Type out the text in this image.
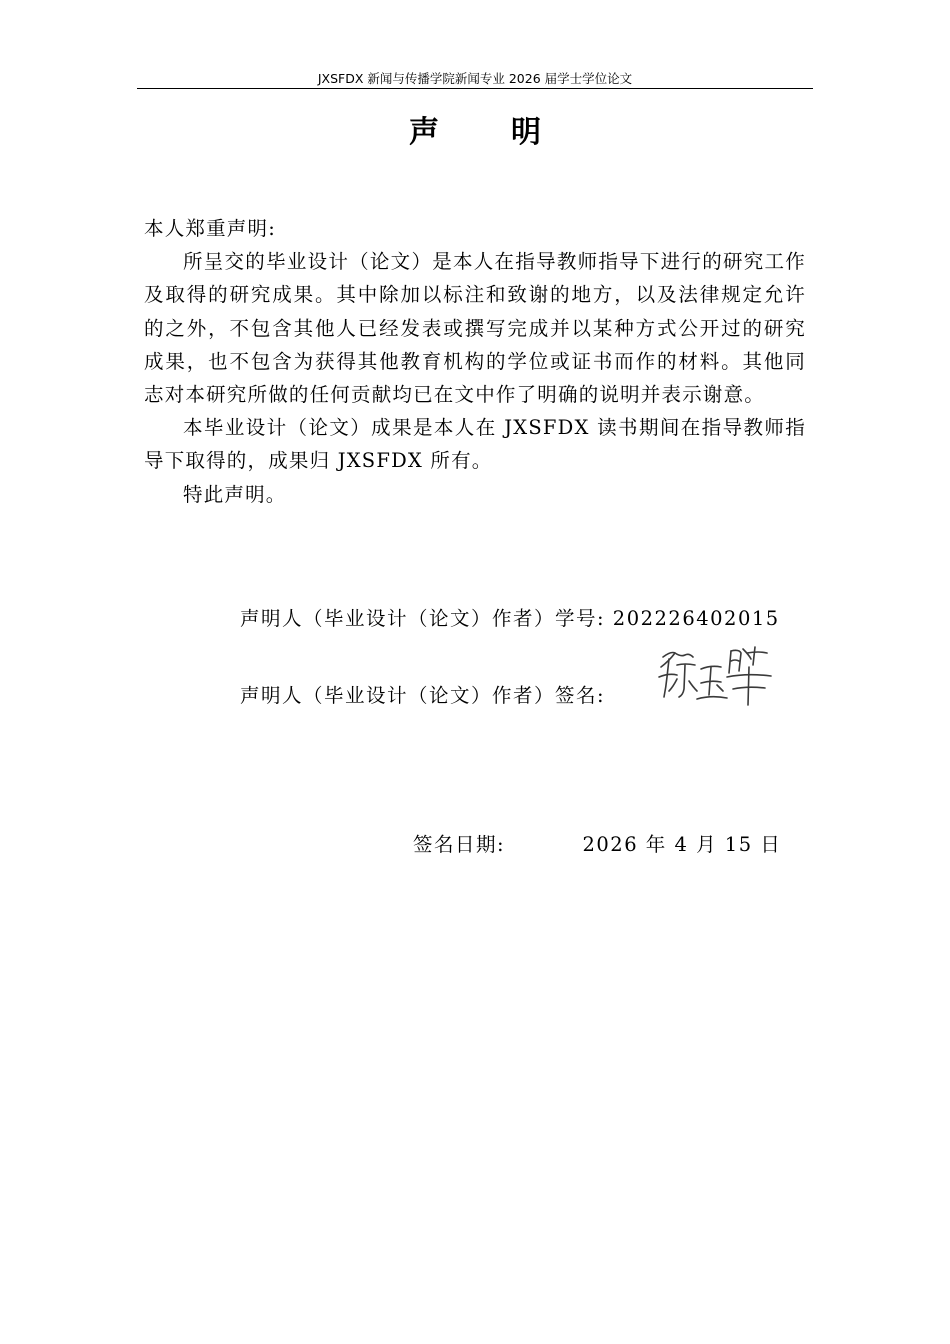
JXSFDX 新闻与传播学院新闻专业 2026 届学士学位论文
声 明

本人郑重声明:

所呈交的毕业设计（论文）是本人在指导教师指导下进行的研究工作及取得的研究成果。其中除加以标注和致谢的地方，以及法律规定允许的之外，不包含其他人已经发表或撰写完成并以某种方式公开过的研究成果，也不包含为获得其他教育机构的学位或证书而作的材料。其他同志对本研究所做的任何贡献均已在文中作了明确的说明并表示谢意。

本毕业设计（论文）成果是本人在 JXSFDX 读书期间在指导教师指导下取得的，成果归 JXSFDX 所有。

特此声明。

声明人（毕业设计（论文）作者）学号: 202226402015
声明人（毕业设计（论文）作者）签名:
签名日期:	2026 年 4 月 15 日
